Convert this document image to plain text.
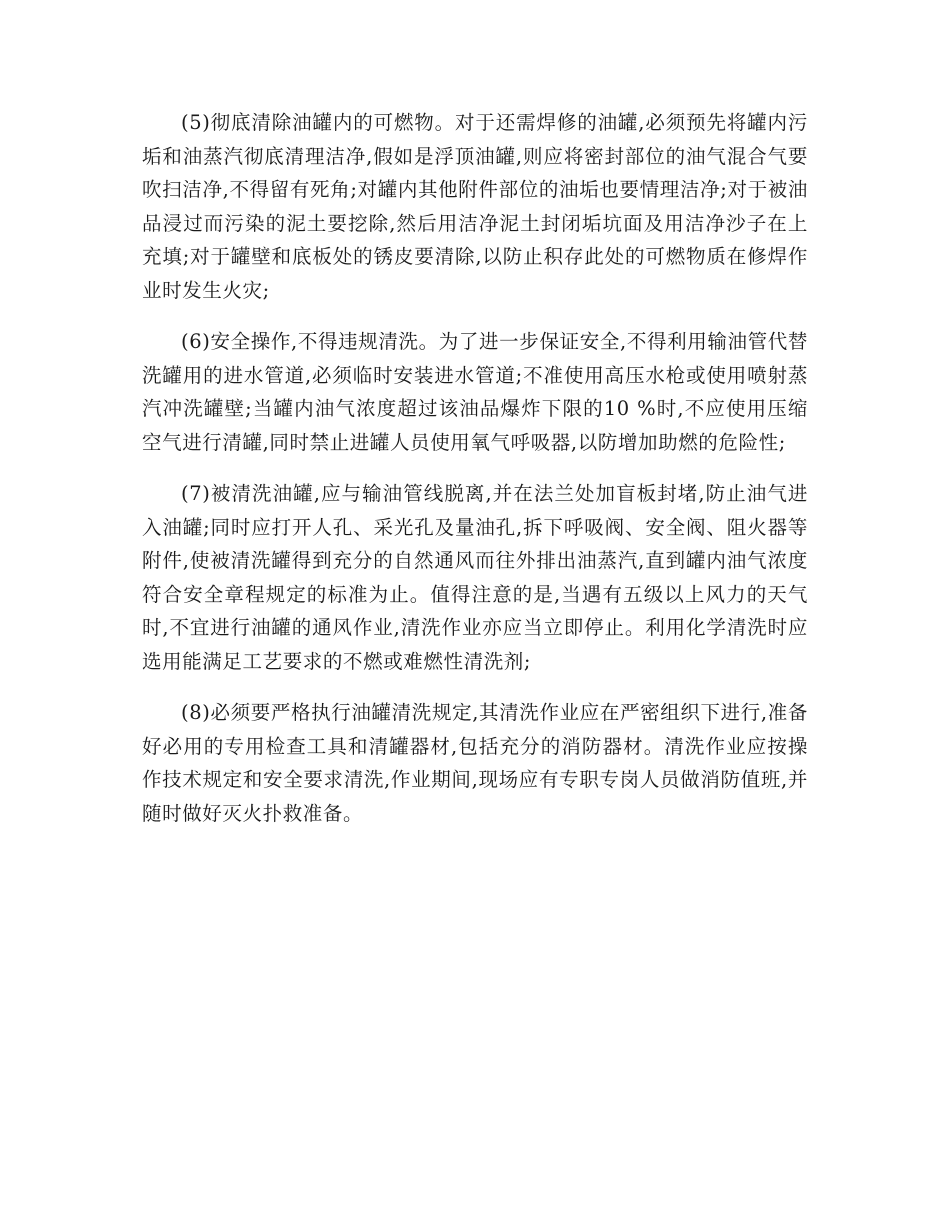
(5)彻底清除油罐内的可燃物。对于还需焊修的油罐,必须预先将罐内污垢和油蒸汽彻底清理洁净,假如是浮顶油罐,则应将密封部位的油气混合气要吹扫洁净,不得留有死角;对罐内其他附件部位的油垢也要情理洁净;对于被油品浸过而污染的泥土要挖除,然后用洁净泥土封闭垢坑面及用洁净沙子在上充填;对于罐壁和底板处的锈皮要清除,以防止积存此处的可燃物质在修焊作业时发生火灾;

(6)安全操作,不得违规清洗。为了进一步保证安全,不得利用输油管代替洗罐用的进水管道,必须临时安装进水管道;不准使用高压水枪或使用喷射蒸汽冲洗罐壁;当罐内油气浓度超过该油品爆炸下限的10 %时,不应使用压缩空气进行清罐,同时禁止进罐人员使用氧气呼吸器,以防增加助燃的危险性;

(7)被清洗油罐,应与输油管线脱离,并在法兰处加盲板封堵,防止油气进入油罐;同时应打开人孔、采光孔及量油孔,拆下呼吸阀、安全阀、阻火器等附件,使被清洗罐得到充分的自然通风而往外排出油蒸汽,直到罐内油气浓度符合安全章程规定的标准为止。值得注意的是,当遇有五级以上风力的天气时,不宜进行油罐的通风作业,清洗作业亦应当立即停止。利用化学清洗时应选用能满足工艺要求的不燃或难燃性清洗剂;

(8)必须要严格执行油罐清洗规定,其清洗作业应在严密组织下进行,准备好必用的专用检查工具和清罐器材,包括充分的消防器材。清洗作业应按操作技术规定和安全要求清洗,作业期间,现场应有专职专岗人员做消防值班,并随时做好灭火扑救准备。
